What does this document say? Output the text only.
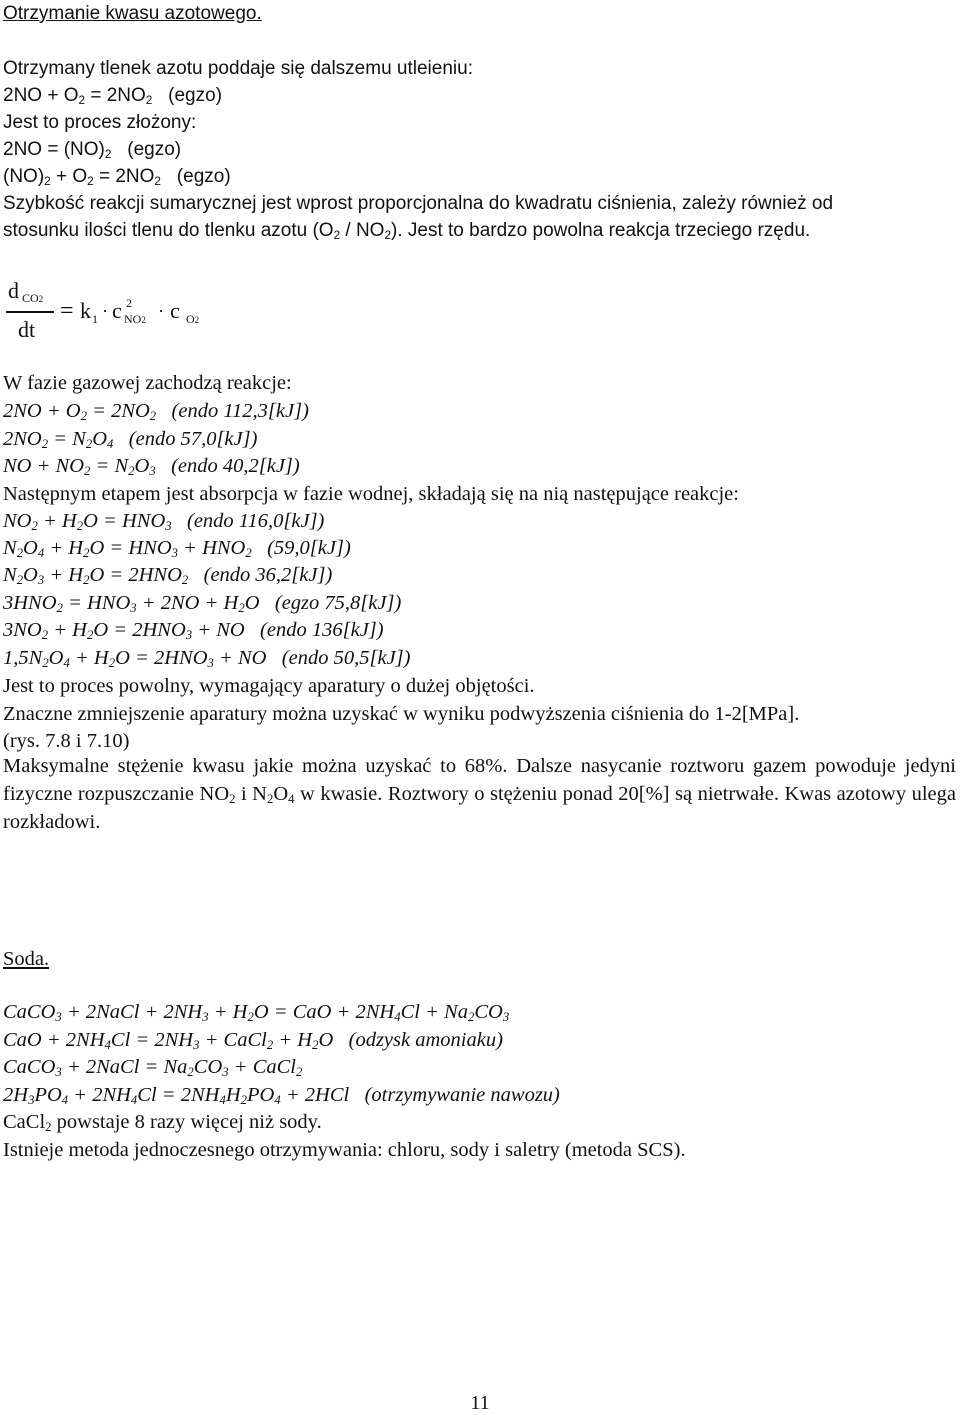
Otrzymanie kwasu azotowego.
Otrzymany tlenek azotu poddaje się dalszemu utleieniu:
$2NO + O_2 = 2NO_2$   (egzo)
Jest to proces złożony:
$2NO = (NO)_2$   (egzo)
$(NO)_2 + O_2 = 2NO_2$   (egzo)
Szybkość reakcji sumarycznej jest wprost proporcjonalna do kwadratu ciśnienia, zależy również od
stosunku ilości tlenu do tlenku azotu $(O_2 / NO_2)$. Jest to bardzo powolna reakcja trzeciego rzędu.
d CO2
dt
= k 1 · c 2
NO2 · c O2
W fazie gazowej zachodzą reakcje:
$2NO + O_2 = 2NO_2$   (endo 112,3[kJ])
$2NO_2 = N_2O_4$   (endo 57,0[kJ])
NO + $NO_2 = N_2O_3$   (endo 40,2[kJ])
Następnym etapem jest absorpcja w fazie wodnej, składają się na nią następujące reakcje:
$NO_2 + H_2O = HNO_3$   (endo 116,0[kJ])
$N_2O_4 + H_2O = HNO_3 + HNO_2$   (59,0[kJ])
$N_2O_3 + H_2O = 2HNO_2$   (endo 36,2[kJ])
$3HNO_2 = HNO_3 + 2NO + H_2O$   (egzo 75,8[kJ])
$3NO_2 + H_2O = 2HNO_3$ + NO   (endo 136[kJ])
$1,5N_2O_4 + H_2O = 2HNO_3$ + NO   (endo 50,5[kJ])
Jest to proces powolny, wymagający aparatury o dużej objętości.
Znaczne zmniejszenie aparatury można uzyskać w wyniku podwyższenia ciśnienia do 1-2[MPa].
(rys. 7.8 i 7.10)
Maksymalne stężenie kwasu jakie można uzyskać to 68%. Dalsze nasycanie roztworu gazem powoduje jedyni fizyczne rozpuszczanie $NO_2$ i $N_2O_4$ w kwasie. Roztwory o stężeniu ponad 20[%] są nietrwałe. Kwas azotowy ulega rozkładowi.
Soda.
CaCO$_3$ + 2NaCl + $2NH_3 + H_2O$ = CaO + $2NH_4Cl + Na_2CO_3$
CaO + $2NH_4Cl = 2NH_3$ + CaCl$_2$ + $H_2O$   (odzysk amoniaku)
CaCO$_3$ + 2NaCl = $Na_2CO_3$ + CaCl$_2$
$2H_3PO_4 + 2NH_4Cl = 2NH_4H_2PO_4 + 2HCl$   (otrzymywanie nawozu)
CaCl$_2$ powstaje 8 razy więcej niż sody.
Istnieje metoda jednoczesnego otrzymywania: chloru, sody i saletry (metoda SCS).
11
